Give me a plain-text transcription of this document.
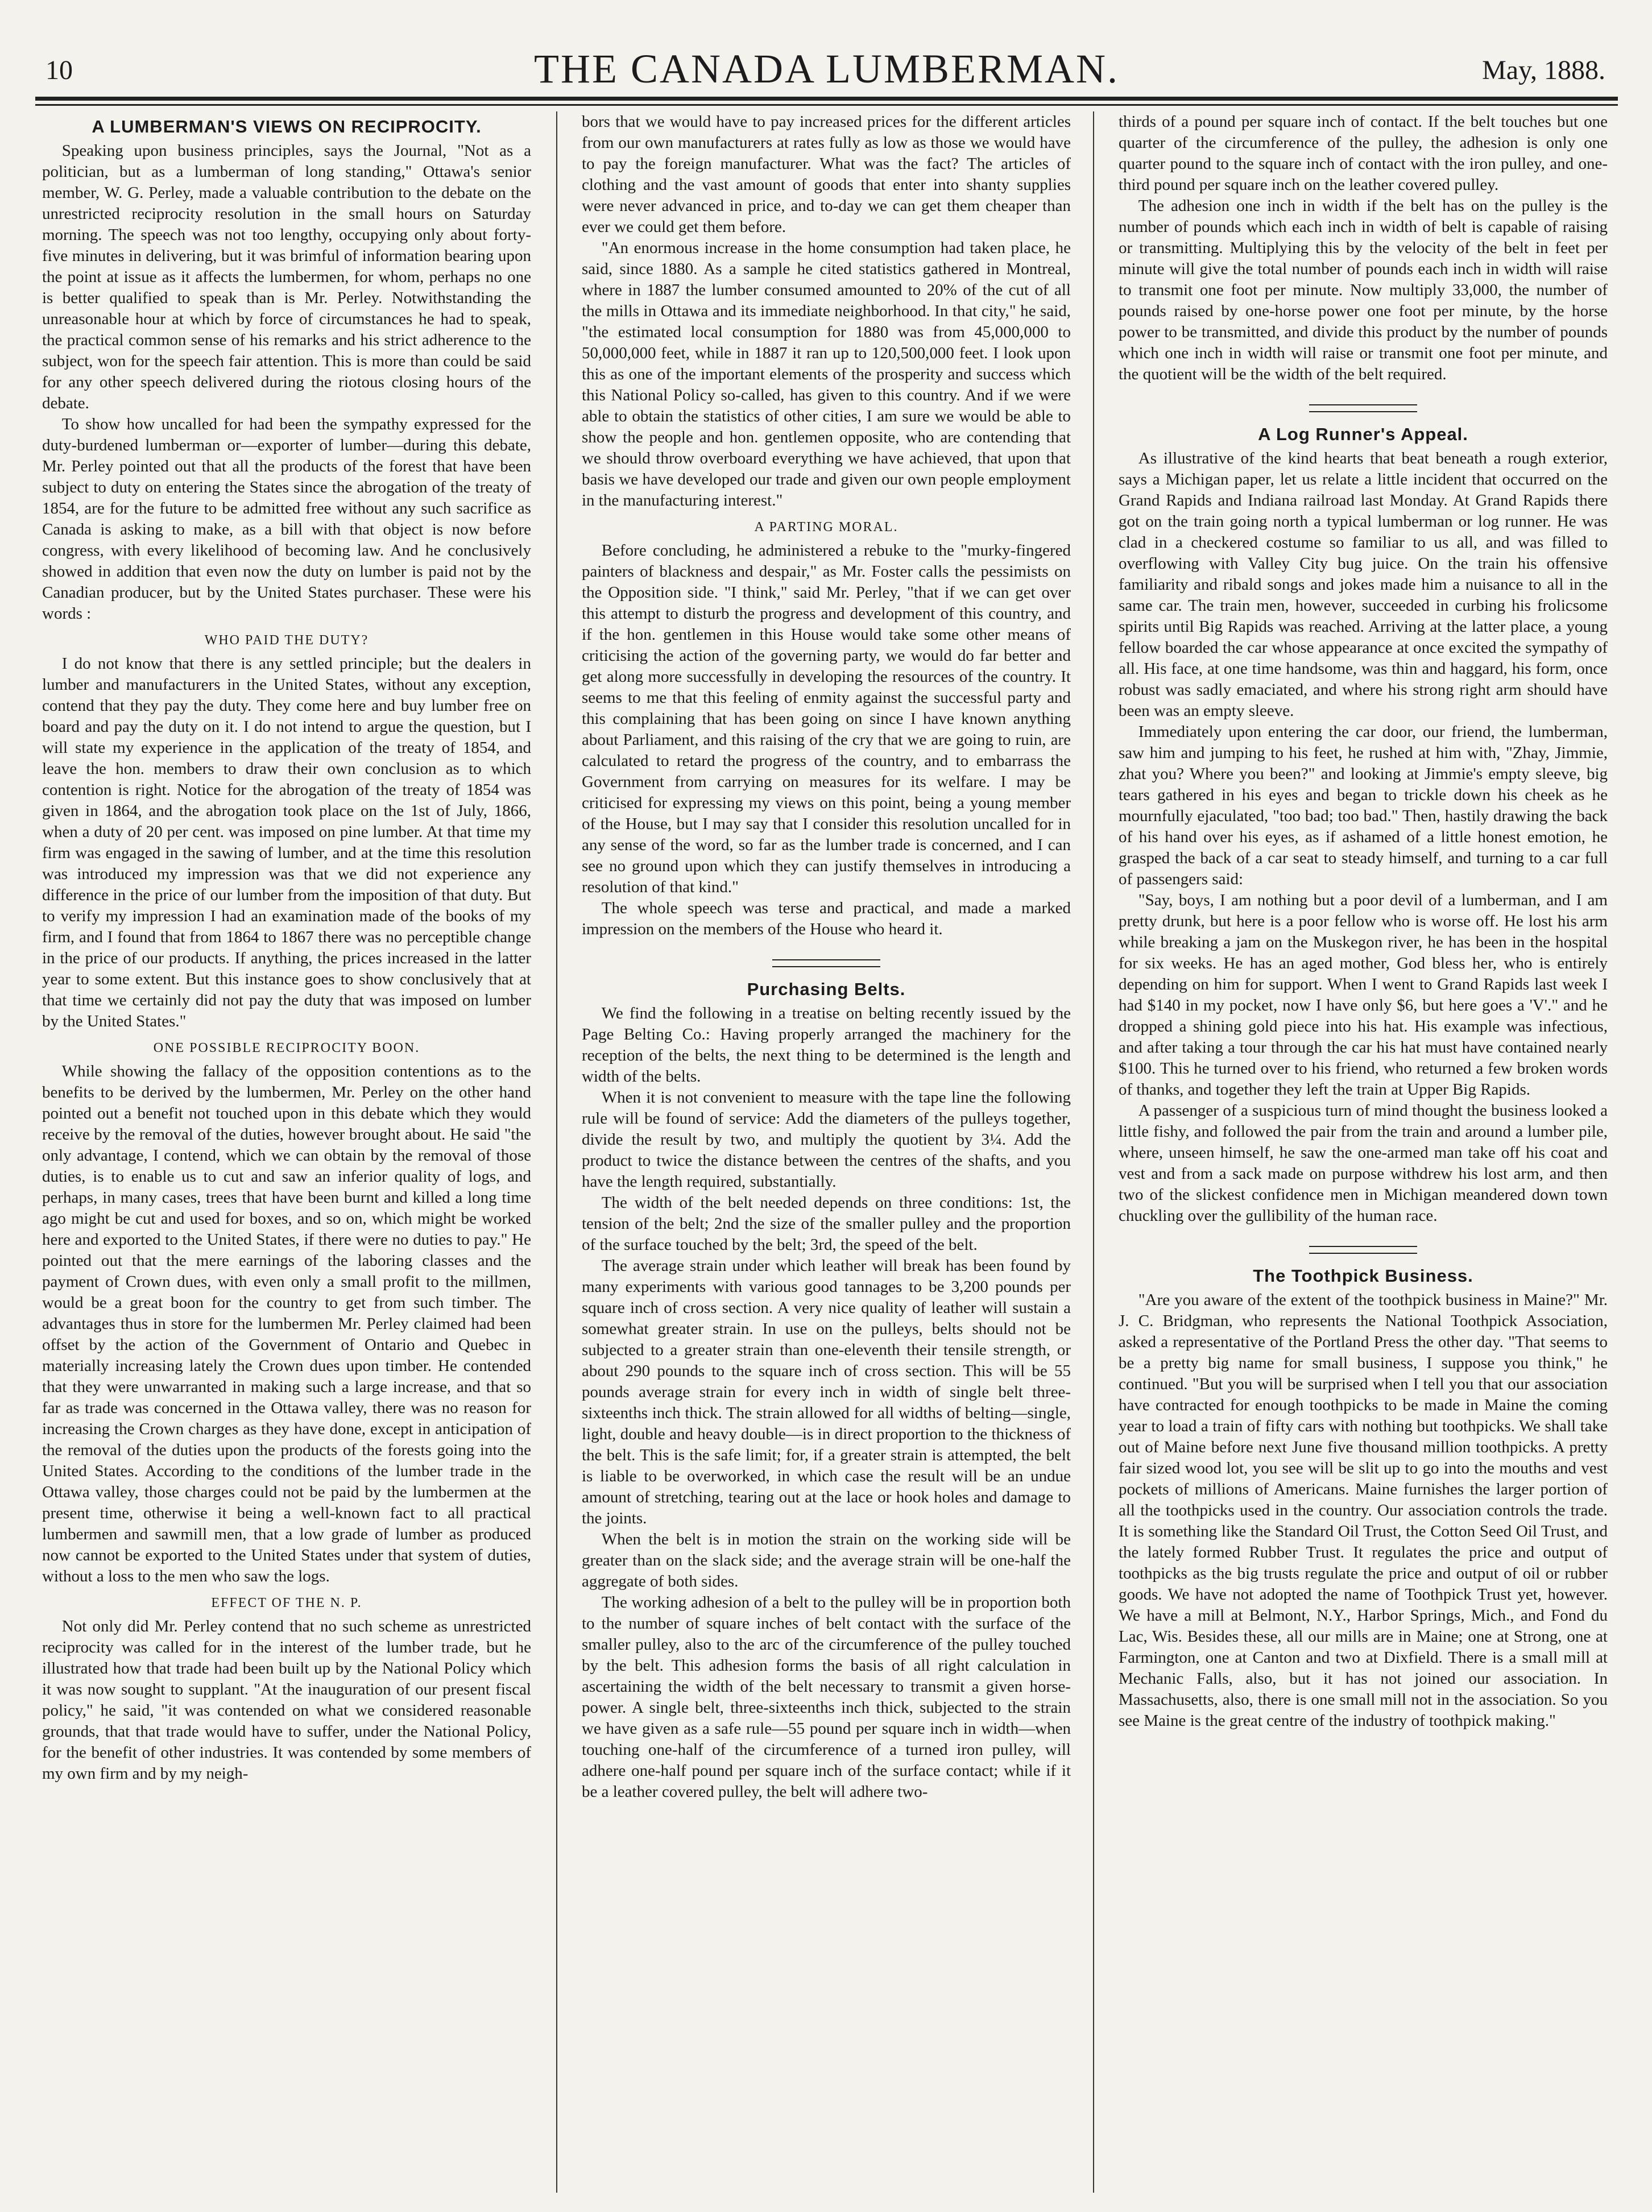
10	THE CANADA LUMBERMAN.	May, 1888.
A LUMBERMAN'S VIEWS ON RECIPROCITY.

Speaking upon business principles, says the Journal, "Not as a politician, but as a lumberman of long standing," Ottawa's senior member, W. G. Perley, made a valuable contribution to the debate on the unrestricted reciprocity resolution in the small hours on Saturday morning. The speech was not too lengthy, occupying only about forty-five minutes in delivering, but it was brimful of information bearing upon the point at issue as it affects the lumbermen, for whom, perhaps no one is better qualified to speak than is Mr. Perley. Notwithstanding the unreasonable hour at which by force of circumstances he had to speak, the practical common sense of his remarks and his strict adherence to the subject, won for the speech fair attention. This is more than could be said for any other speech delivered during the riotous closing hours of the debate.

To show how uncalled for had been the sympathy expressed for the duty-burdened lumberman or—exporter of lumber—during this debate, Mr. Perley pointed out that all the products of the forest that have been subject to duty on entering the States since the abrogation of the treaty of 1854, are for the future to be admitted free without any such sacrifice as Canada is asking to make, as a bill with that object is now before congress, with every likelihood of becoming law. And he conclusively showed in addition that even now the duty on lumber is paid not by the Canadian producer, but by the United States purchaser. These were his words :

WHO PAID THE DUTY?

I do not know that there is any settled principle; but the dealers in lumber and manufacturers in the United States, without any exception, contend that they pay the duty. They come here and buy lumber free on board and pay the duty on it. I do not intend to argue the question, but I will state my experience in the application of the treaty of 1854, and leave the hon. members to draw their own conclusion as to which contention is right. Notice for the abrogation of the treaty of 1854 was given in 1864, and the abrogation took place on the 1st of July, 1866, when a duty of 20 per cent. was imposed on pine lumber. At that time my firm was engaged in the sawing of lumber, and at the time this resolution was introduced my impression was that we did not experience any difference in the price of our lumber from the imposition of that duty. But to verify my impression I had an examination made of the books of my firm, and I found that from 1864 to 1867 there was no perceptible change in the price of our products. If anything, the prices increased in the latter year to some extent. But this instance goes to show conclusively that at that time we certainly did not pay the duty that was imposed on lumber by the United States."

ONE POSSIBLE RECIPROCITY BOON.

While showing the fallacy of the opposition contentions as to the benefits to be derived by the lumbermen, Mr. Perley on the other hand pointed out a benefit not touched upon in this debate which they would receive by the removal of the duties, however brought about. He said "the only advantage, I contend, which we can obtain by the removal of those duties, is to enable us to cut and saw an inferior quality of logs, and perhaps, in many cases, trees that have been burnt and killed a long time ago might be cut and used for boxes, and so on, which might be worked here and exported to the United States, if there were no duties to pay." He pointed out that the mere earnings of the laboring classes and the payment of Crown dues, with even only a small profit to the millmen, would be a great boon for the country to get from such timber. The advantages thus in store for the lumbermen Mr. Perley claimed had been offset by the action of the Government of Ontario and Quebec in materially increasing lately the Crown dues upon timber. He contended that they were unwarranted in making such a large increase, and that so far as trade was concerned in the Ottawa valley, there was no reason for increasing the Crown charges as they have done, except in anticipation of the removal of the duties upon the products of the forests going into the United States. According to the conditions of the lumber trade in the Ottawa valley, those charges could not be paid by the lumbermen at the present time, otherwise it being a well-known fact to all practical lumbermen and sawmill men, that a low grade of lumber as produced now cannot be exported to the United States under that system of duties, without a loss to the men who saw the logs.

EFFECT OF THE N. P.

Not only did Mr. Perley contend that no such scheme as unrestricted reciprocity was called for in the interest of the lumber trade, but he illustrated how that trade had been built up by the National Policy which it was now sought to supplant. "At the inauguration of our present fiscal policy," he said, "it was contended on what we considered reasonable grounds, that that trade would have to suffer, under the National Policy, for the benefit of other industries. It was contended by some members of my own firm and by my neigh-

bors that we would have to pay increased prices for the different articles from our own manufacturers at rates fully as low as those we would have to pay the foreign manufacturer. What was the fact? The articles of clothing and the vast amount of goods that enter into shanty supplies were never advanced in price, and to-day we can get them cheaper than ever we could get them before.

"An enormous increase in the home consumption had taken place, he said, since 1880. As a sample he cited statistics gathered in Montreal, where in 1887 the lumber consumed amounted to 20% of the cut of all the mills in Ottawa and its immediate neighborhood. In that city," he said, "the estimated local consumption for 1880 was from 45,000,000 to 50,000,000 feet, while in 1887 it ran up to 120,500,000 feet. I look upon this as one of the important elements of the prosperity and success which this National Policy so-called, has given to this country. And if we were able to obtain the statistics of other cities, I am sure we would be able to show the people and hon. gentlemen opposite, who are contending that we should throw overboard everything we have achieved, that upon that basis we have developed our trade and given our own people employment in the manufacturing interest."

A PARTING MORAL.

Before concluding, he administered a rebuke to the "murky-fingered painters of blackness and despair," as Mr. Foster calls the pessimists on the Opposition side. "I think," said Mr. Perley, "that if we can get over this attempt to disturb the progress and development of this country, and if the hon. gentlemen in this House would take some other means of criticising the action of the governing party, we would do far better and get along more successfully in developing the resources of the country. It seems to me that this feeling of enmity against the successful party and this complaining that has been going on since I have known anything about Parliament, and this raising of the cry that we are going to ruin, are calculated to retard the progress of the country, and to embarrass the Government from carrying on measures for its welfare. I may be criticised for expressing my views on this point, being a young member of the House, but I may say that I consider this resolution uncalled for in any sense of the word, so far as the lumber trade is concerned, and I can see no ground upon which they can justify themselves in introducing a resolution of that kind."

The whole speech was terse and practical, and made a marked impression on the members of the House who heard it.

Purchasing Belts.

We find the following in a treatise on belting recently issued by the Page Belting Co.: Having properly arranged the machinery for the reception of the belts, the next thing to be determined is the length and width of the belts.

When it is not convenient to measure with the tape line the following rule will be found of service: Add the diameters of the pulleys together, divide the result by two, and multiply the quotient by 3¼. Add the product to twice the distance between the centres of the shafts, and you have the length required, substantially.

The width of the belt needed depends on three conditions: 1st, the tension of the belt; 2nd the size of the smaller pulley and the proportion of the surface touched by the belt; 3rd, the speed of the belt.

The average strain under which leather will break has been found by many experiments with various good tannages to be 3,200 pounds per square inch of cross section. A very nice quality of leather will sustain a somewhat greater strain. In use on the pulleys, belts should not be subjected to a greater strain than one-eleventh their tensile strength, or about 290 pounds to the square inch of cross section. This will be 55 pounds average strain for every inch in width of single belt three-sixteenths inch thick. The strain allowed for all widths of belting—single, light, double and heavy double—is in direct proportion to the thickness of the belt. This is the safe limit; for, if a greater strain is attempted, the belt is liable to be overworked, in which case the result will be an undue amount of stretching, tearing out at the lace or hook holes and damage to the joints.

When the belt is in motion the strain on the working side will be greater than on the slack side; and the average strain will be one-half the aggregate of both sides.

The working adhesion of a belt to the pulley will be in proportion both to the number of square inches of belt contact with the surface of the smaller pulley, also to the arc of the circumference of the pulley touched by the belt. This adhesion forms the basis of all right calculation in ascertaining the width of the belt necessary to transmit a given horse-power. A single belt, three-sixteenths inch thick, subjected to the strain we have given as a safe rule—55 pound per square inch in width—when touching one-half of the circumference of a turned iron pulley, will adhere one-half pound per square inch of the surface contact; while if it be a leather covered pulley, the belt will adhere two-

thirds of a pound per square inch of contact. If the belt touches but one quarter of the circumference of the pulley, the adhesion is only one quarter pound to the square inch of contact with the iron pulley, and one-third pound per square inch on the leather covered pulley.

The adhesion one inch in width if the belt has on the pulley is the number of pounds which each inch in width of belt is capable of raising or transmitting. Multiplying this by the velocity of the belt in feet per minute will give the total number of pounds each inch in width will raise to transmit one foot per minute. Now multiply 33,000, the number of pounds raised by one-horse power one foot per minute, by the horse power to be transmitted, and divide this product by the number of pounds which one inch in width will raise or transmit one foot per minute, and the quotient will be the width of the belt required.

A Log Runner's Appeal.

As illustrative of the kind hearts that beat beneath a rough exterior, says a Michigan paper, let us relate a little incident that occurred on the Grand Rapids and Indiana railroad last Monday. At Grand Rapids there got on the train going north a typical lumberman or log runner. He was clad in a checkered costume so familiar to us all, and was filled to overflowing with Valley City bug juice. On the train his offensive familiarity and ribald songs and jokes made him a nuisance to all in the same car. The train men, however, succeeded in curbing his frolicsome spirits until Big Rapids was reached. Arriving at the latter place, a young fellow boarded the car whose appearance at once excited the sympathy of all. His face, at one time handsome, was thin and haggard, his form, once robust was sadly emaciated, and where his strong right arm should have been was an empty sleeve.

Immediately upon entering the car door, our friend, the lumberman, saw him and jumping to his feet, he rushed at him with, "Zhay, Jimmie, zhat you? Where you been?" and looking at Jimmie's empty sleeve, big tears gathered in his eyes and began to trickle down his cheek as he mournfully ejaculated, "too bad; too bad." Then, hastily drawing the back of his hand over his eyes, as if ashamed of a little honest emotion, he grasped the back of a car seat to steady himself, and turning to a car full of passengers said:

"Say, boys, I am nothing but a poor devil of a lumberman, and I am pretty drunk, but here is a poor fellow who is worse off. He lost his arm while breaking a jam on the Muskegon river, he has been in the hospital for six weeks. He has an aged mother, God bless her, who is entirely depending on him for support. When I went to Grand Rapids last week I had $140 in my pocket, now I have only $6, but here goes a 'V'." and he dropped a shining gold piece into his hat. His example was infectious, and after taking a tour through the car his hat must have contained nearly $100. This he turned over to his friend, who returned a few broken words of thanks, and together they left the train at Upper Big Rapids.

A passenger of a suspicious turn of mind thought the business looked a little fishy, and followed the pair from the train and around a lumber pile, where, unseen himself, he saw the one-armed man take off his coat and vest and from a sack made on purpose withdrew his lost arm, and then two of the slickest confidence men in Michigan meandered down town chuckling over the gullibility of the human race.

The Toothpick Business.

"Are you aware of the extent of the toothpick business in Maine?" Mr. J. C. Bridgman, who represents the National Toothpick Association, asked a representative of the Portland Press the other day. "That seems to be a pretty big name for small business, I suppose you think," he continued. "But you will be surprised when I tell you that our association have contracted for enough toothpicks to be made in Maine the coming year to load a train of fifty cars with nothing but toothpicks. We shall take out of Maine before next June five thousand million toothpicks. A pretty fair sized wood lot, you see will be slit up to go into the mouths and vest pockets of millions of Americans. Maine furnishes the larger portion of all the toothpicks used in the country. Our association controls the trade. It is something like the Standard Oil Trust, the Cotton Seed Oil Trust, and the lately formed Rubber Trust. It regulates the price and output of toothpicks as the big trusts regulate the price and output of oil or rubber goods. We have not adopted the name of Toothpick Trust yet, however. We have a mill at Belmont, N.Y., Harbor Springs, Mich., and Fond du Lac, Wis. Besides these, all our mills are in Maine; one at Strong, one at Farmington, one at Canton and two at Dixfield. There is a small mill at Mechanic Falls, also, but it has not joined our association. In Massachusetts, also, there is one small mill not in the association. So you see Maine is the great centre of the industry of toothpick making."
